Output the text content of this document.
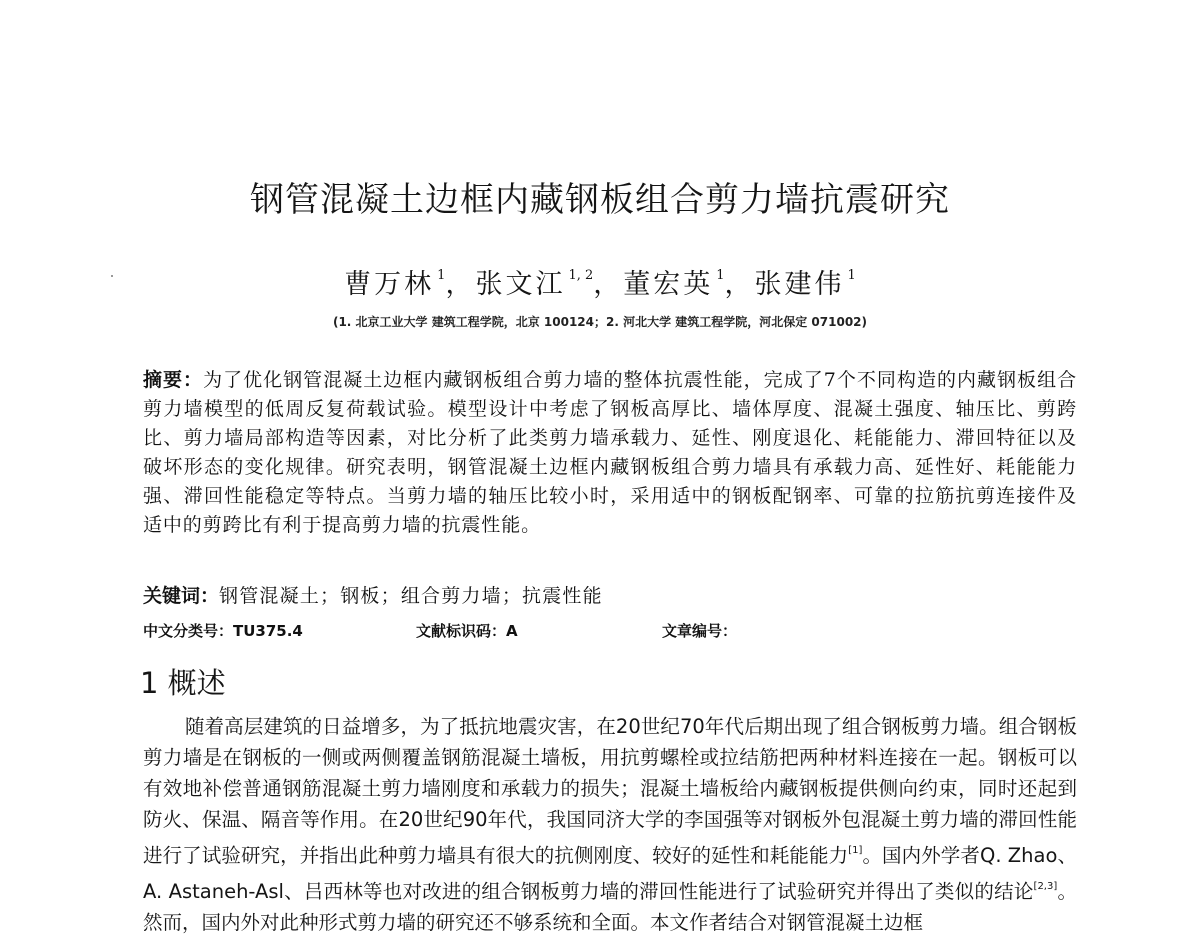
钢管混凝土边框内藏钢板组合剪力墙抗震研究
曹万林 $^1$，张文江 $^{1, 2}$，董宏英 $^1$，张建伟 $^1$
(1. 北京工业大学 建筑工程学院，北京 100124；2. 河北大学 建筑工程学院，河北保定 071002)
摘要：为了优化钢管混凝土边框内藏钢板组合剪力墙的整体抗震性能，完成了7个不同构造的内藏钢板组合剪力墙模型的低周反复荷载试验。模型设计中考虑了钢板高厚比、墙体厚度、混凝土强度、轴压比、剪跨比、剪力墙局部构造等因素，对比分析了此类剪力墙承载力、延性、刚度退化、耗能能力、滞回特征以及破坏形态的变化规律。研究表明，钢管混凝土边框内藏钢板组合剪力墙具有承载力高、延性好、耗能能力强、滞回性能稳定等特点。当剪力墙的轴压比较小时，采用适中的钢板配钢率、可靠的拉筋抗剪连接件及适中的剪跨比有利于提高剪力墙的抗震性能。
关键词：钢管混凝土；钢板；组合剪力墙；抗震性能
中文分类号：TU375.4	文献标识码：A	文章编号：
1 概述
随着高层建筑的日益增多，为了抵抗地震灾害，在20世纪70年代后期出现了组合钢板剪力墙。组合钢板剪力墙是在钢板的一侧或两侧覆盖钢筋混凝土墙板，用抗剪螺栓或拉结筋把两种材料连接在一起。钢板可以有效地补偿普通钢筋混凝土剪力墙刚度和承载力的损失；混凝土墙板给内藏钢板提供侧向约束，同时还起到防火、保温、隔音等作用。在20世纪90年代，我国同济大学的李国强等对钢板外包混凝土剪力墙的滞回性能进行了试验研究，并指出此种剪力墙具有很大的抗侧刚度、较好的延性和耗能能力[1]。国内外学者Q. Zhao、A. Astaneh-Asl、吕西林等也对改进的组合钢板剪力墙的滞回性能进行了试验研究并得出了类似的结论[2,3]。然而，国内外对此种形式剪力墙的研究还不够系统和全面。本文作者结合对钢管混凝土边框
